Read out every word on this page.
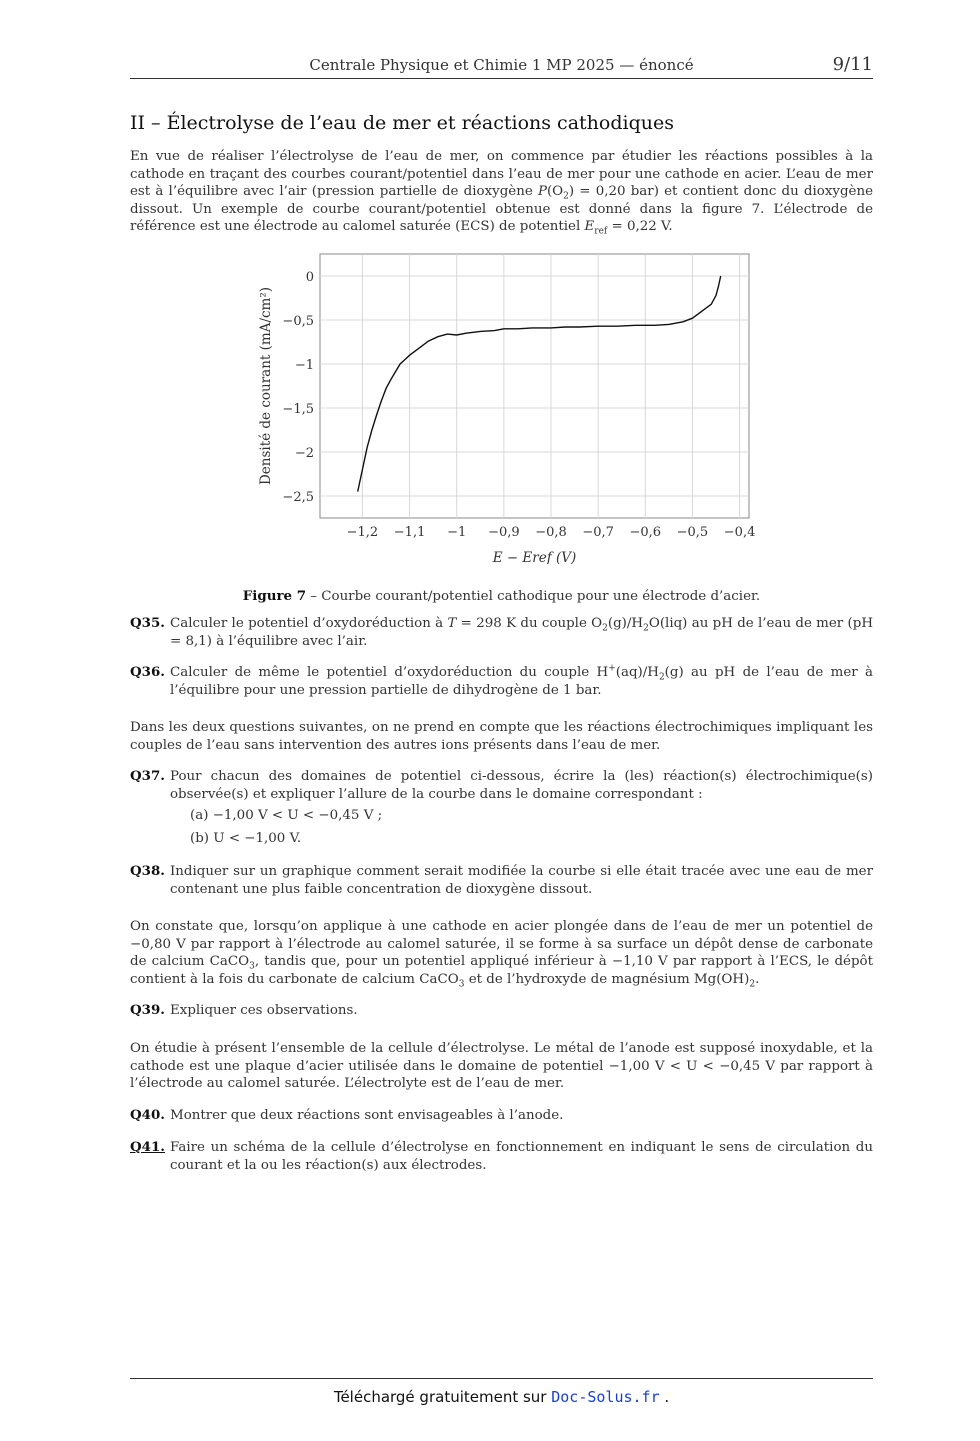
Centrale Physique et Chimie 1 MP 2025 — énoncé	9/11
II – Électrolyse de l’eau de mer et réactions cathodiques

En vue de réaliser l’électrolyse de l’eau de mer, on commence par étudier les réactions possibles à la cathode en traçant des courbes courant/potentiel dans l’eau de mer pour une cathode en acier. L’eau de mer est à l’équilibre avec l’air (pression partielle de dioxygène $P(O_2) = 0,20$ bar) et contient donc du dioxygène dissout. Un exemple de courbe courant/potentiel obtenue est donné dans la figure 7. L’électrode de référence est une électrode au calomel saturée (ECS) de potentiel $E_{ref} = 0,22$ V.

Figure 7 – Courbe courant/potentiel cathodique pour une électrode d’acier.

Q35. Calculer le potentiel d’oxydoréduction à T = 298 K du couple $O_2(g)/H_2O(liq)$ au pH de l’eau de mer (pH = 8,1) à l’équilibre avec l’air.
Q36. Calculer de même le potentiel d’oxydoréduction du couple $H^+(aq)/H_2(g)$ au pH de l’eau de mer à l’équilibre pour une pression partielle de dihydrogène de 1 bar.

Dans les deux questions suivantes, on ne prend en compte que les réactions électrochimiques impliquant les couples de l’eau sans intervention des autres ions présents dans l’eau de mer.

Q37. Pour chacun des domaines de potentiel ci-dessous, écrire la (les) réaction(s) électrochimique(s) observée(s) et expliquer l’allure de la courbe dans le domaine correspondant :
(a) −1,00 V < U < −0,45 V ;
(b) U < −1,00 V.
Q38. Indiquer sur un graphique comment serait modifiée la courbe si elle était tracée avec une eau de mer contenant une plus faible concentration de dioxygène dissout.

On constate que, lorsqu’on applique à une cathode en acier plongée dans de l’eau de mer un potentiel de −0,80 V par rapport à l’électrode au calomel saturée, il se forme à sa surface un dépôt dense de carbonate de calcium CaCO$_3$, tandis que, pour un potentiel appliqué inférieur à −1,10 V par rapport à l’ECS, le dépôt contient à la fois du carbonate de calcium CaCO$_3$ et de l’hydroxyde de magnésium $Mg(OH)_2$.

Q39. Expliquer ces observations.

On étudie à présent l’ensemble de la cellule d’électrolyse. Le métal de l’anode est supposé inoxydable, et la cathode est une plaque d’acier utilisée dans le domaine de potentiel −1,00 V < U < −0,45 V par rapport à l’électrode au calomel saturée. L’électrolyte est de l’eau de mer.

Q40. Montrer que deux réactions sont envisageables à l’anode.
Q41. Faire un schéma de la cellule d’électrolyse en fonctionnement en indiquant le sens de circulation du courant et la ou les réaction(s) aux électrodes.
Téléchargé gratuitement sur Doc-Solus.fr .
−1,2 −1,1 −1 −0,9 −0,8 −0,7 −0,6 −0,5 −0,4
0
−0,5
−1
−1,5
−2
−2,5
E − Eref (V)
Densité de courant (mA/cm²)
